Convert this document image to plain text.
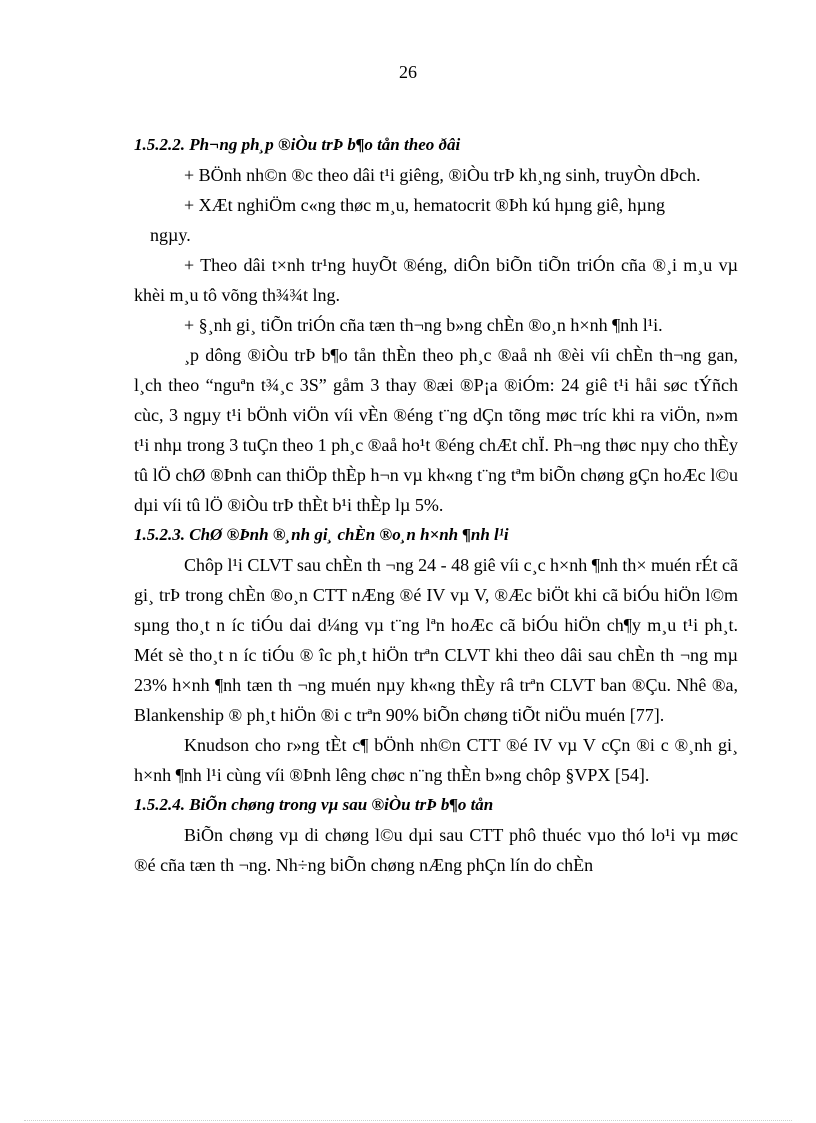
26

1.5.2.2. Ph¬ng ph¸p ®iÒu trÞ b¶o tån theo ðâi

+ BÖnh nh©n ®c theo dâi t¹i giêng, ®iÒu trÞ kh¸ng sinh, truyÒn dÞch.

+ XÆt nghiÖm c«ng thøc m¸u, hematocrit ®Þh kú hµng giê, hµng

ngµy.

+ Theo dâi t×nh tr¹ng huyÕt ®éng, diÔn biÕn tiÕn triÓn cña ®¸i m¸u vµ khèi m¸u tô võng th¾¾t lng.

+ §¸nh gi¸ tiÕn triÓn cña tæn th¬ng b»ng chÈn ®o¸n h×nh ¶nh l¹i.

¸p dông ®iÒu trÞ b¶o tån thÈn theo ph¸c ®aå nh ®èi víi chÈn th¬ng gan, l¸ch theo “nguªn t¾¸c 3S” gåm 3 thay ®æi ®P¡a ®iÓm: 24 giê t¹i håi søc tÝñch cùc, 3 ngµy t¹i bÖnh viÖn víi vÈn ®éng t¨ng dÇn tõng møc tríc khi ra viÖn, n»m t¹i nhµ trong 3 tuÇn theo 1 ph¸c ®aå ho¹t ®éng chÆt chÏ. Ph¬ng thøc nµy cho thÈy tû lÖ chØ ®Þnh can thiÖp thÈp h¬n vµ kh«ng t¨ng tªm biÕn chøng gÇn hoÆc l©u dµi víi tû lÖ ®iÒu trÞ thÈt b¹i thÈp lµ 5%.

1.5.2.3. ChØ ®Þnh ®¸nh gi¸ chÈn ®o¸n h×nh ¶nh l¹i

Chôp l¹i CLVT sau chÈn th ¬ng 24 - 48 giê víi c¸c h×nh ¶nh th× muén rÉt cã gi¸ trÞ trong chÈn ®o¸n CTT nÆng ®é IV vµ V, ®Æc biÖt khi cã biÓu hiÖn l©m sµng tho¸t n íc tiÓu dai d¼ng vµ t¨ng lªn hoÆc cã biÓu hiÖn ch¶y m¸u t¹i ph¸t. Mét sè tho¸t n íc tiÓu ® îc ph¸t hiÖn trªn CLVT khi theo dâi sau chÈn th ¬ng mµ 23% h×nh ¶nh tæn th ¬ng muén nµy kh«ng thÈy râ trªn CLVT ban ®Çu. Nhê ®a, Blankenship ® ph¸t hiÖn ®i c trªn 90% biÕn chøng tiÕt niÖu muén [77].

Knudson cho r»ng tÈt c¶ bÖnh nh©n CTT ®é IV vµ V cÇn ®i c ®¸nh gi¸ h×nh ¶nh l¹i cùng víi ®Þnh lêng chøc n¨ng thÈn b»ng chôp §VPX [54].

1.5.2.4. BiÕn chøng trong vµ sau ®iÒu trÞ b¶o tån

BiÕn chøng vµ di chøng l©u dµi sau CTT phô thuéc vµo thó lo¹i vµ møc ®é cña tæn th ¬ng. Nh÷ng biÕn chøng nÆng phÇn lín do chÈn
